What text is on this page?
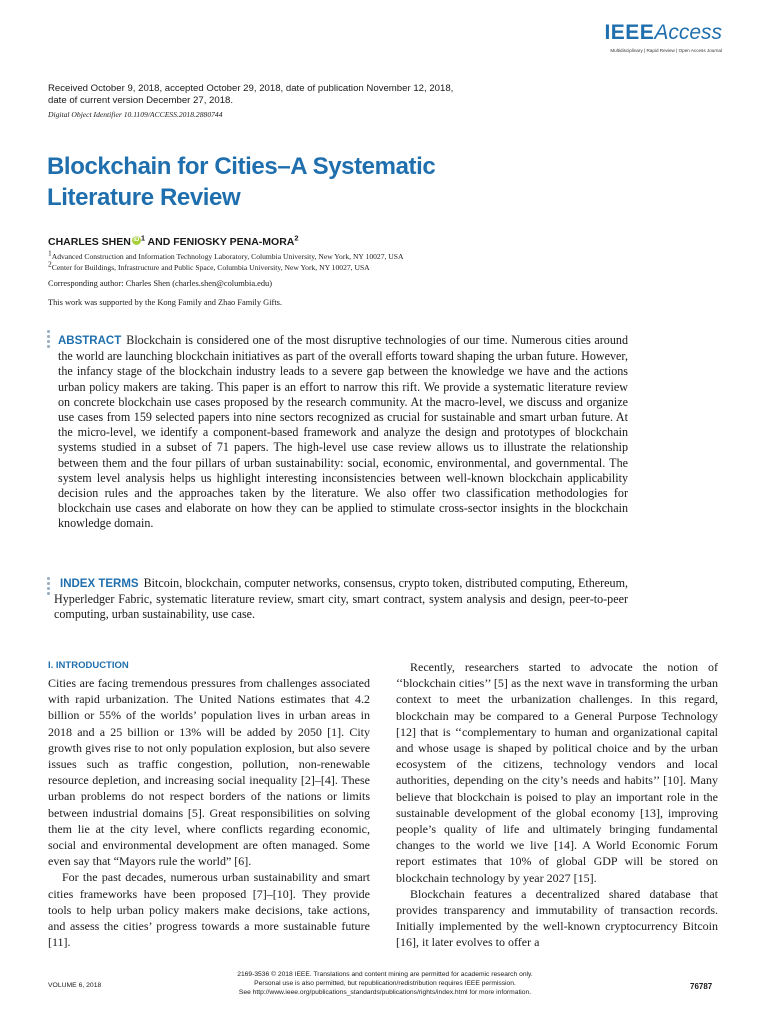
IEEEAccess
Multidisciplinary | Rapid Review | Open Access Journal
Received October 9, 2018, accepted October 29, 2018, date of publication November 12, 2018,
date of current version December 27, 2018.
Digital Object Identifier 10.1109/ACCESS.2018.2880744
Blockchain for Cities–A Systematic
Literature Review
CHARLES SHEN iD $^1$ AND FENIOSKY PENA-MORA$^2$
1Advanced Construction and Information Technology Laboratory, Columbia University, New York, NY 10027, USA
2Center for Buildings, Infrastructure and Public Space, Columbia University, New York, NY 10027, USA
Corresponding author: Charles Shen (charles.shen@columbia.edu)
This work was supported by the Kong Family and Zhao Family Gifts.
ABSTRACT Blockchain is considered one of the most disruptive technologies of our time. Numerous cities around the world are launching blockchain initiatives as part of the overall efforts toward shaping the urban future. However, the infancy stage of the blockchain industry leads to a severe gap between the knowledge we have and the actions urban policy makers are taking. This paper is an effort to narrow this rift. We provide a systematic literature review on concrete blockchain use cases proposed by the research community. At the macro-level, we discuss and organize use cases from 159 selected papers into nine sectors recognized as crucial for sustainable and smart urban future. At the micro-level, we identify a component-based framework and analyze the design and prototypes of blockchain systems studied in a subset of 71 papers. The high-level use case review allows us to illustrate the relationship between them and the four pillars of urban sustainability: social, economic, environmental, and governmental. The system level analysis helps us highlight interesting inconsistencies between well-known blockchain applicability decision rules and the approaches taken by the literature. We also offer two classification methodologies for blockchain use cases and elaborate on how they can be applied to stimulate cross-sector insights in the blockchain knowledge domain.
INDEX TERMS Bitcoin, blockchain, computer networks, consensus, crypto token, distributed computing, Ethereum, Hyperledger Fabric, systematic literature review, smart city, smart contract, system analysis and design, peer-to-peer computing, urban sustainability, use case.
I. INTRODUCTION

Cities are facing tremendous pressures from challenges associated with rapid urbanization. The United Nations estimates that 4.2 billion or 55% of the worlds’ population lives in urban areas in 2018 and a 25 billion or 13% will be added by 2050 [1]. City growth gives rise to not only population explosion, but also severe issues such as traffic congestion, pollution, non-renewable resource depletion, and increasing social inequality [2]–[4]. These urban problems do not respect borders of the nations or limits between industrial domains [5]. Great responsibilities on solving them lie at the city level, where conflicts regarding economic, social and environmental development are often managed. Some even say that “Mayors rule the world” [6].

For the past decades, numerous urban sustainability and smart cities frameworks have been proposed [7]–[10]. They provide tools to help urban policy makers make decisions, take actions, and assess the cities’ progress towards a more sustainable future [11].

Recently, researchers started to advocate the notion of ‘‘blockchain cities’’ [5] as the next wave in transforming the urban context to meet the urbanization challenges. In this regard, blockchain may be compared to a General Purpose Technology [12] that is ‘‘complementary to human and organizational capital and whose usage is shaped by political choice and by the urban ecosystem of the citizens, technology vendors and local authorities, depending on the city’s needs and habits’’ [10]. Many believe that blockchain is poised to play an important role in the sustainable development of the global economy [13], improving people’s quality of life and ultimately bringing fundamental changes to the world we live [14]. A World Economic Forum report estimates that 10% of global GDP will be stored on blockchain technology by year 2027 [15].

Blockchain features a decentralized shared database that provides transparency and immutability of transaction records. Initially implemented by the well-known cryptocurrency Bitcoin [16], it later evolves to offer a

VOLUME 6, 2018
2169-3536 © 2018 IEEE. Translations and content mining are permitted for academic research only.
Personal use is also permitted, but republication/redistribution requires IEEE permission.
See http://www.ieee.org/publications_standards/publications/rights/index.html for more information.
76787
